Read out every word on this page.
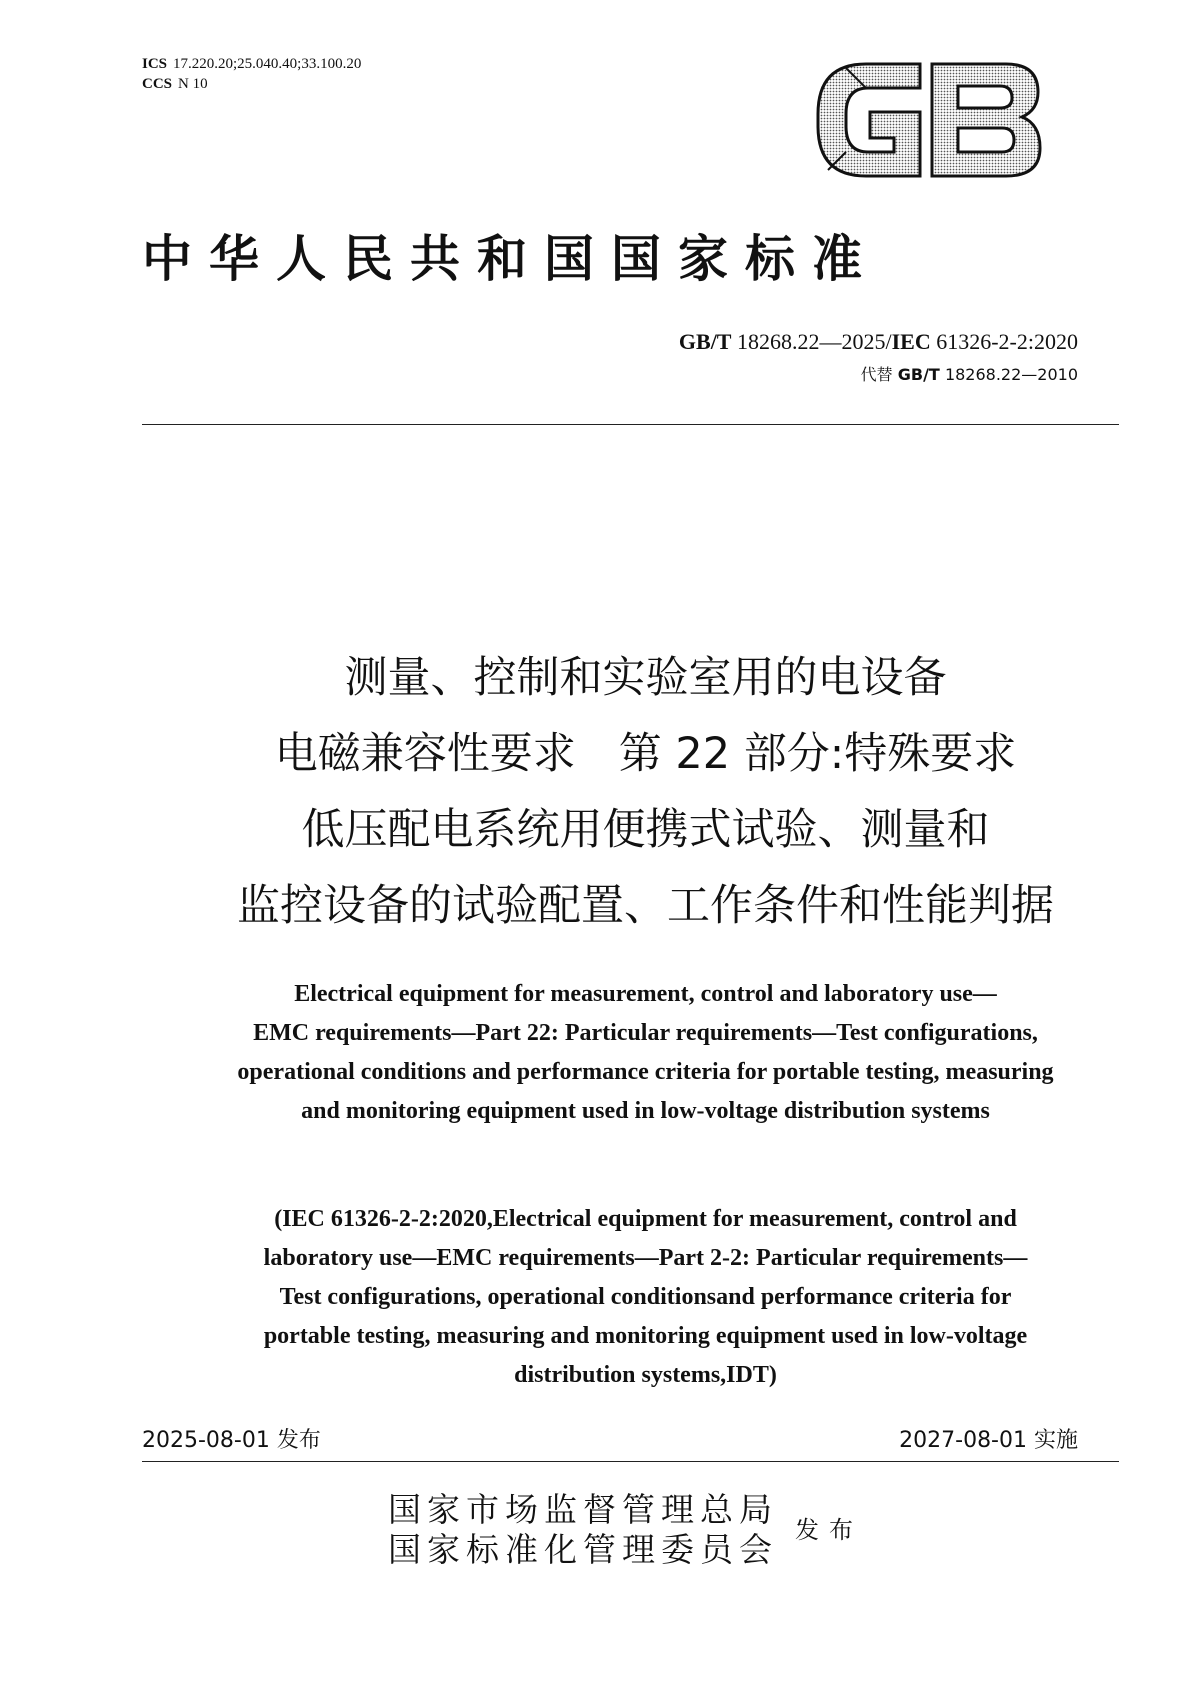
ICS 17.220.20;25.040.40;33.100.20
CCS N 10
中华人民共和国国家标准
GB/T 18268.22—2025/IEC 61326-2-2:2020
代替 GB/T 18268.22—2010
测量、控制和实验室用的电设备
电磁兼容性要求　第 22 部分:特殊要求
低压配电系统用便携式试验、测量和
监控设备的试验配置、工作条件和性能判据
Electrical equipment for measurement, control and laboratory use—
EMC requirements—Part 22: Particular requirements—Test configurations,
operational conditions and performance criteria for portable testing, measuring
and monitoring equipment used in low-voltage distribution systems
(IEC 61326-2-2:2020,Electrical equipment for measurement, control and
laboratory use—EMC requirements—Part 2-2: Particular requirements—
Test configurations, operational conditionsand performance criteria for
portable testing, measuring and monitoring equipment used in low-voltage
distribution systems,IDT)
2025-08-01 发布	2027-08-01 实施
国家市场监督管理总局
国家标准化管理委员会 发布
